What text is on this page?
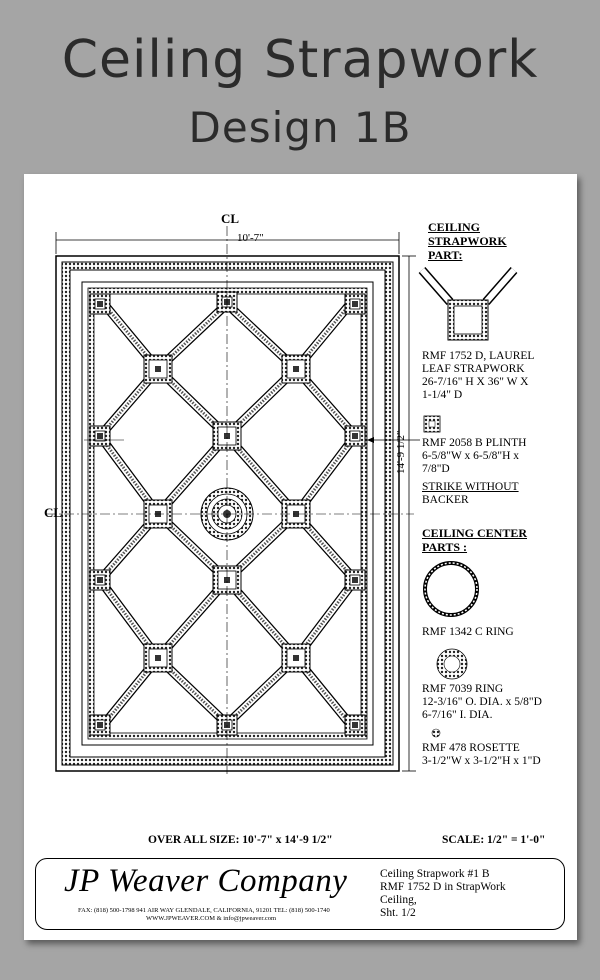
Ceiling Strapwork
Design 1B
CL
CL
10'-7"
14'-9 1/2"
CEILING
STRAPWORK
PART:
RMF 1752 D, LAUREL
LEAF STRAPWORK
26-7/16" H X 36" W X
1-1/4" D
RMF 2058 B PLINTH
6-5/8"W x 6-5/8"H x
7/8"D
STRIKE WITHOUT
BACKER
CEILING CENTER
PARTS :
RMF 1342 C RING
RMF 7039 RING
12-3/16" O. DIA. x 5/8"D
6-7/16" I. DIA.
RMF 478 ROSETTE
3-1/2"W x 3-1/2"H x 1"D
OVER ALL SIZE: 10'-7" x 14'-9 1/2"	SCALE: 1/2" = 1'-0"
JP Weaver Company
FAX: (818) 500-1798 941 AIR WAY GLENDALE, CALIFORNIA, 91201 TEL: (818) 500-1740
WWW.JPWEAVER.COM & info@jpweaver.com
Ceiling Strapwork #1 B
RMF 1752 D in StrapWork
Ceiling,
Sht. 1/2
